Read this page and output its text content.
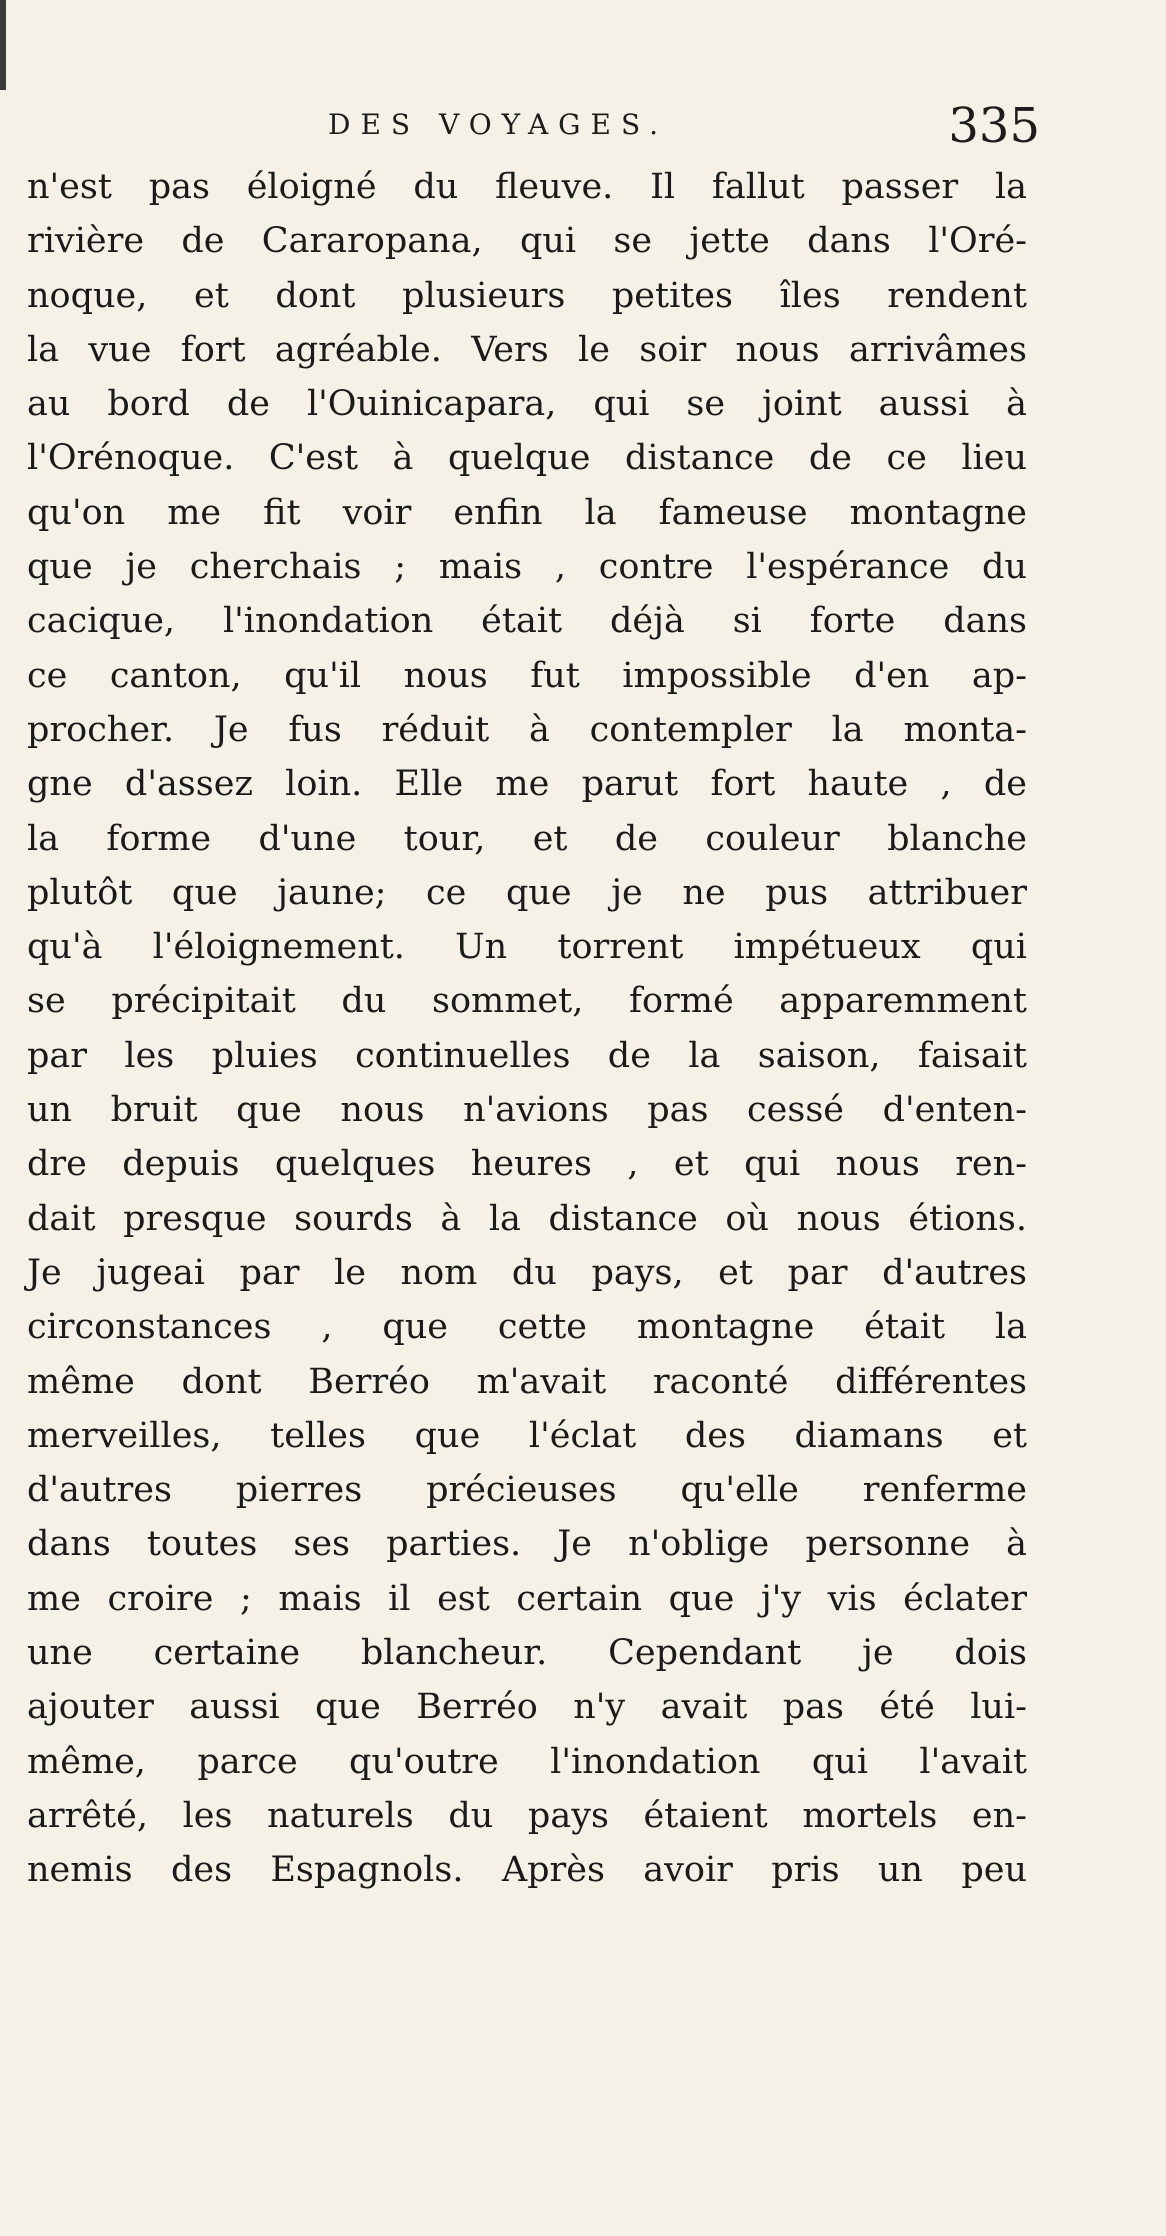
DES VOYAGES.	335
n'est pas éloigné du fleuve. Il fallut passer la
rivière de Cararopana, qui se jette dans l'Oré-
noque, et dont plusieurs petites îles rendent
la vue fort agréable. Vers le soir nous arrivâmes
au bord de l'Ouinicapara, qui se joint aussi à
l'Orénoque. C'est à quelque distance de ce lieu
qu'on me fit voir enfin la fameuse montagne
que je cherchais ; mais , contre l'espérance du
cacique, l'inondation était déjà si forte dans
ce canton, qu'il nous fut impossible d'en ap-
procher. Je fus réduit à contempler la monta-
gne d'assez loin. Elle me parut fort haute , de
la forme d'une tour, et de couleur blanche
plutôt que jaune; ce que je ne pus attribuer
qu'à l'éloignement. Un torrent impétueux qui
se précipitait du sommet, formé apparemment
par les pluies continuelles de la saison, faisait
un bruit que nous n'avions pas cessé d'enten-
dre depuis quelques heures , et qui nous ren-
dait presque sourds à la distance où nous étions.
Je jugeai par le nom du pays, et par d'autres
circonstances , que cette montagne était la
même dont Berréo m'avait raconté différentes
merveilles, telles que l'éclat des diamans et
d'autres pierres précieuses qu'elle renferme
dans toutes ses parties. Je n'oblige personne à
me croire ; mais il est certain que j'y vis éclater
une certaine blancheur. Cependant je dois
ajouter aussi que Berréo n'y avait pas été lui-
même, parce qu'outre l'inondation qui l'avait
arrêté, les naturels du pays étaient mortels en-
nemis des Espagnols. Après avoir pris un peu
